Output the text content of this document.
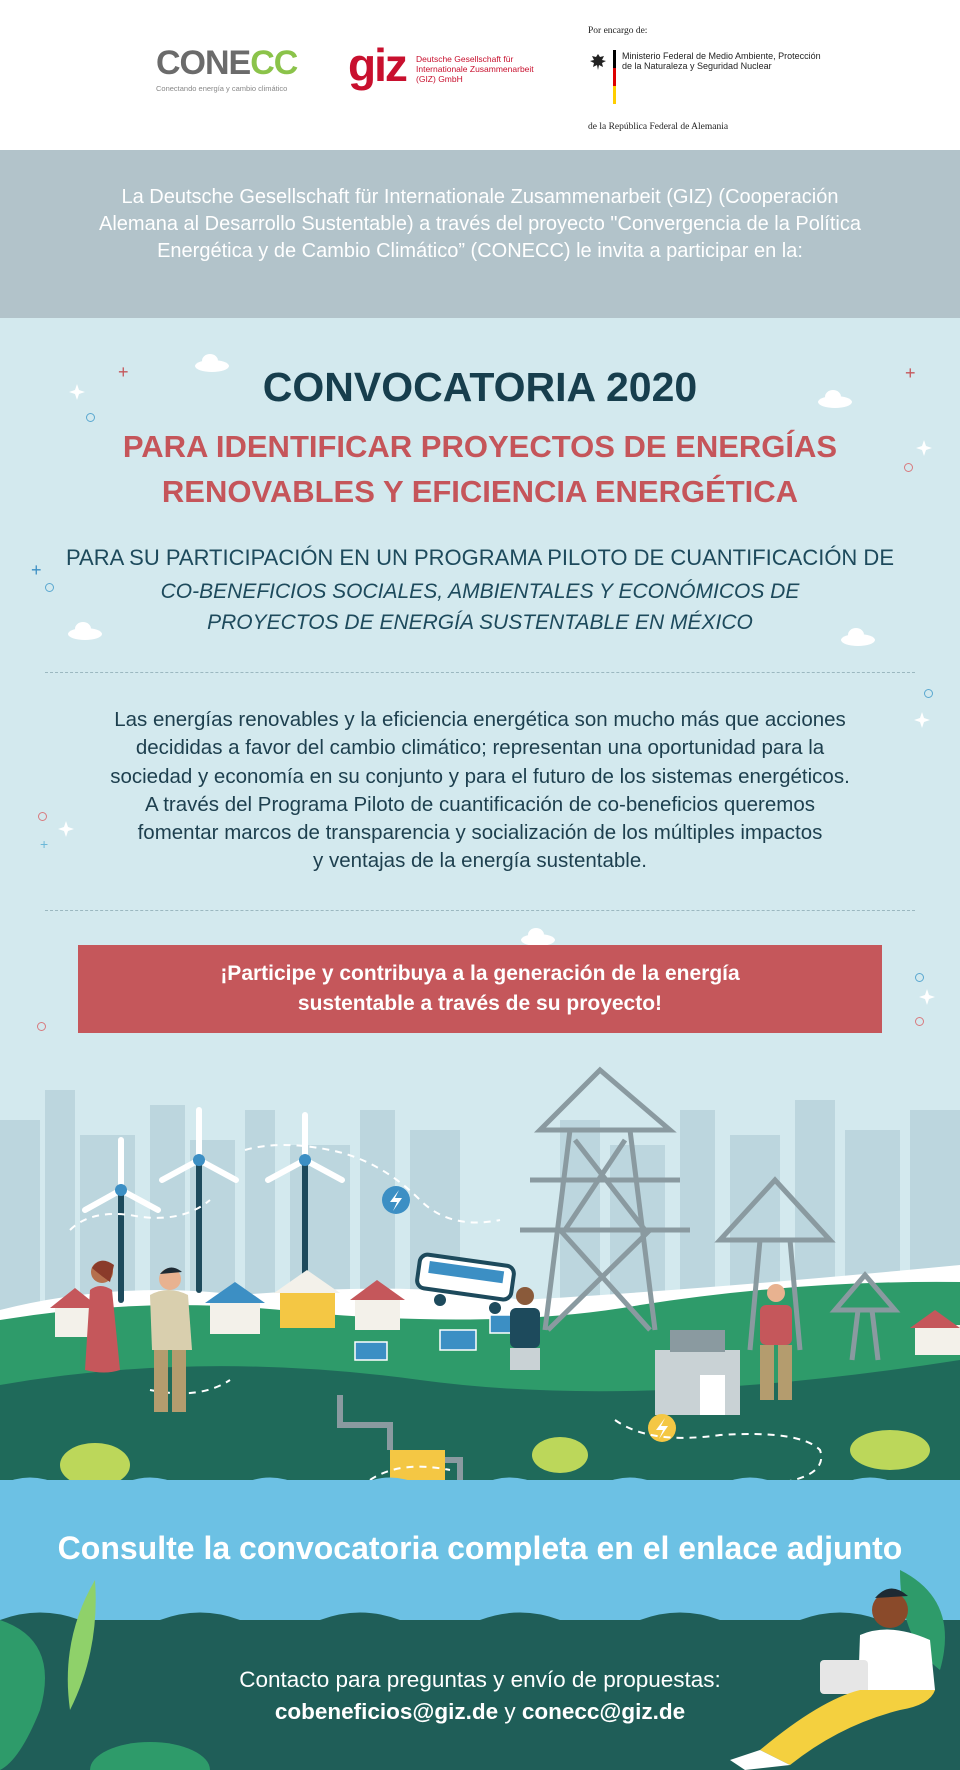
CONECC
Conectando energía y cambio climático giz Deutsche Gesellschaft für Internationale Zusammenarbeit (GIZ) GmbH
Por encargo de:
Ministerio Federal de Medio Ambiente, Protección de la Naturaleza y Seguridad Nuclear
de la República Federal de Alemania

La Deutsche Gesellschaft für Internationale Zusammenarbeit (GIZ) (Cooperación Alemana al Desarrollo Sustentable) a través del proyecto "Convergencia de la Política Energética y de Cambio Climático” (CONECC) le invita a participar en la:

+	+
+
+
CONVOCATORIA 2020
PARA IDENTIFICAR PROYECTOS DE ENERGÍAS
RENOVABLES Y EFICIENCIA ENERGÉTICA
PARA SU PARTICIPACIÓN EN UN PROGRAMA PILOTO DE CUANTIFICACIÓN DE
CO-BENEFICIOS SOCIALES, AMBIENTALES Y ECONÓMICOS DE
PROYECTOS DE ENERGÍA SUSTENTABLE EN MÉXICO
Las energías renovables y la eficiencia energética son mucho más que acciones
decididas a favor del cambio climático; representan una oportunidad para la
sociedad y economía en su conjunto y para el futuro de los sistemas energéticos.
A través del Programa Piloto de cuantificación de co-beneficios queremos
fomentar marcos de transparencia y socialización de los múltiples impactos
y ventajas de la energía sustentable.
¡Participe y contribuya a la generación de la energía
sustentable a través de su proyecto!
Consulte la convocatoria completa en el enlace adjunto
Contacto para preguntas y envío de propuestas:
cobeneficios@giz.de y conecc@giz.de
